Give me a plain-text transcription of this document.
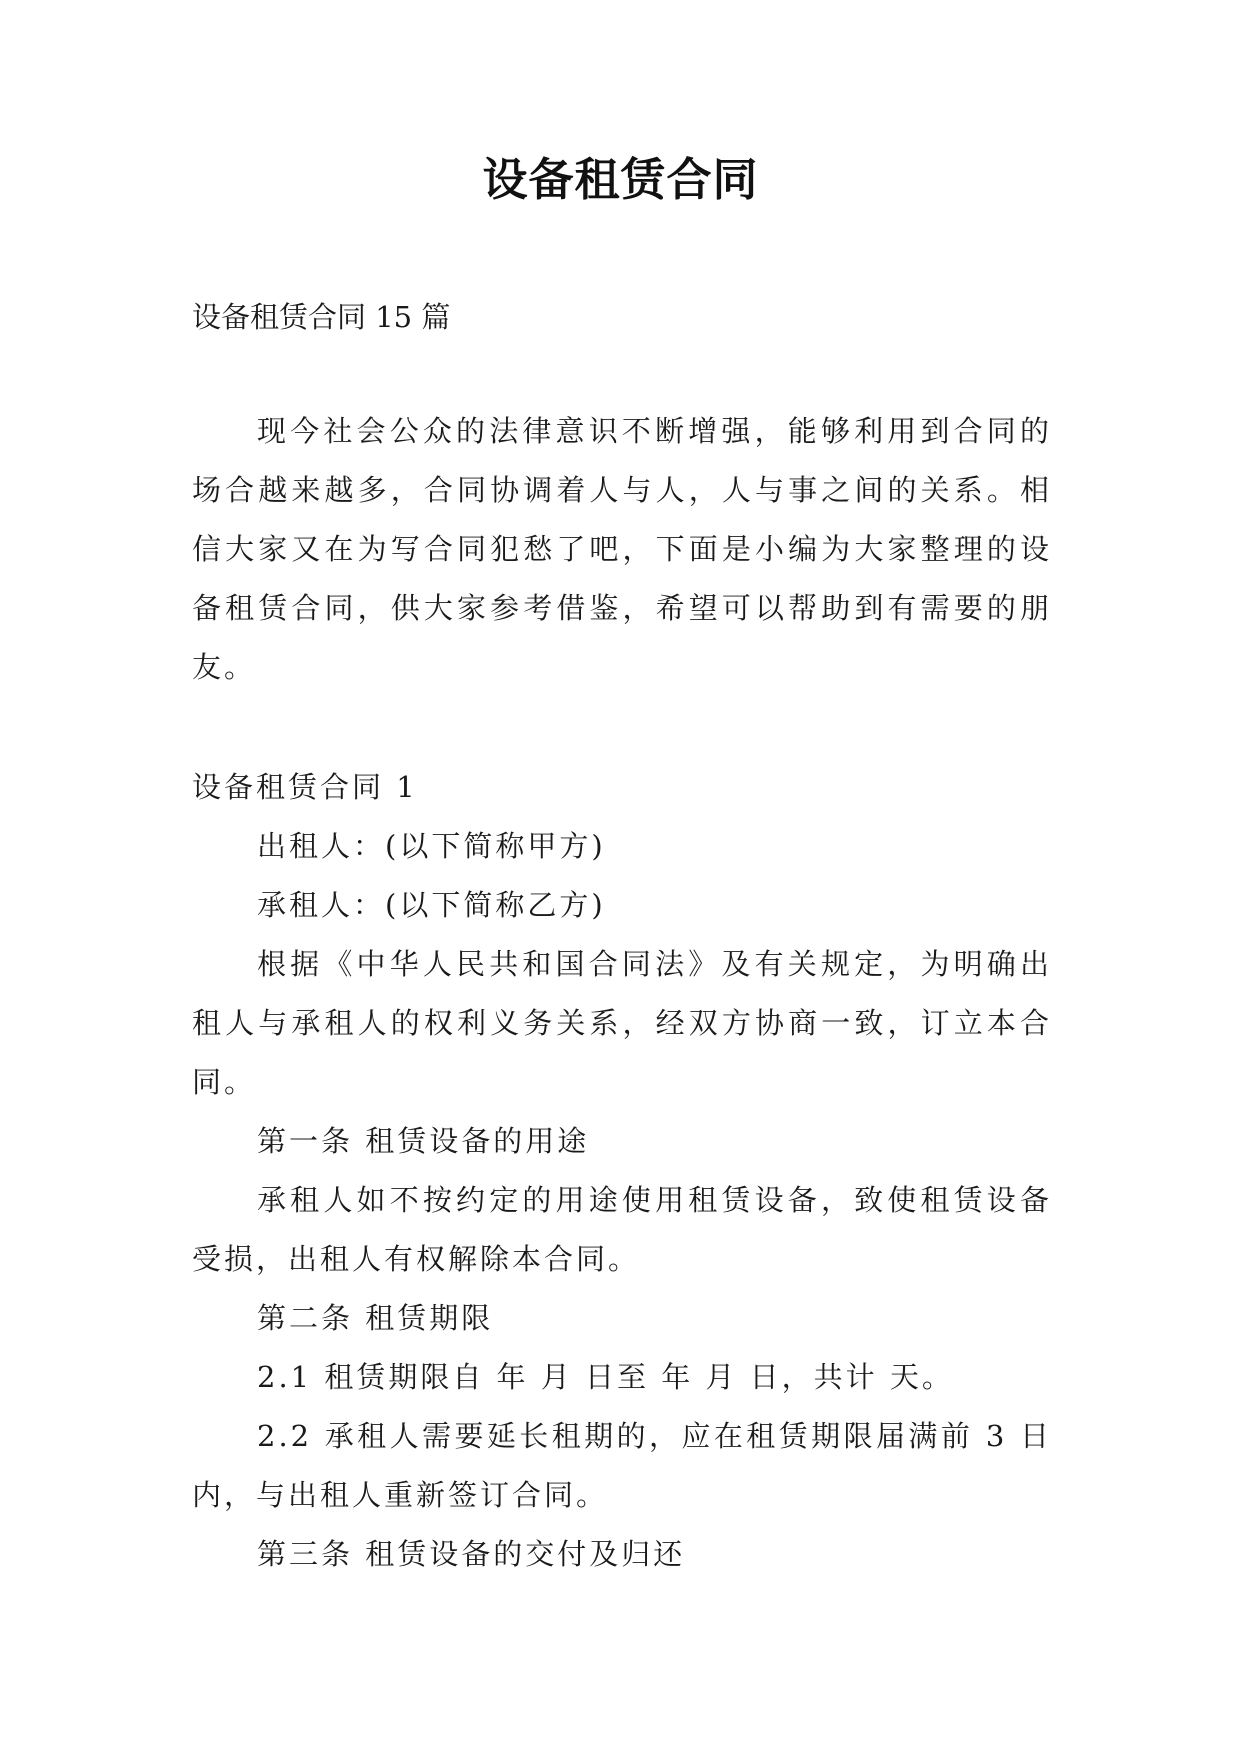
设备租赁合同
设备租赁合同 15 篇
现今社会公众的法律意识不断增强，能够利用到合同的场合越来越多，合同协调着人与人，人与事之间的关系。相信大家又在为写合同犯愁了吧，下面是小编为大家整理的设备租赁合同，供大家参考借鉴，希望可以帮助到有需要的朋友。

设备租赁合同 1

出租人：(以下简称甲方)

承租人：(以下简称乙方)

根据《中华人民共和国合同法》及有关规定，为明确出租人与承租人的权利义务关系，经双方协商一致，订立本合同。

第一条 租赁设备的用途

承租人如不按约定的用途使用租赁设备，致使租赁设备受损，出租人有权解除本合同。

第二条 租赁期限

2.1 租赁期限自 年 月 日至 年 月 日，共计 天。

2.2 承租人需要延长租期的，应在租赁期限届满前 3 日内，与出租人重新签订合同。

第三条 租赁设备的交付及归还
